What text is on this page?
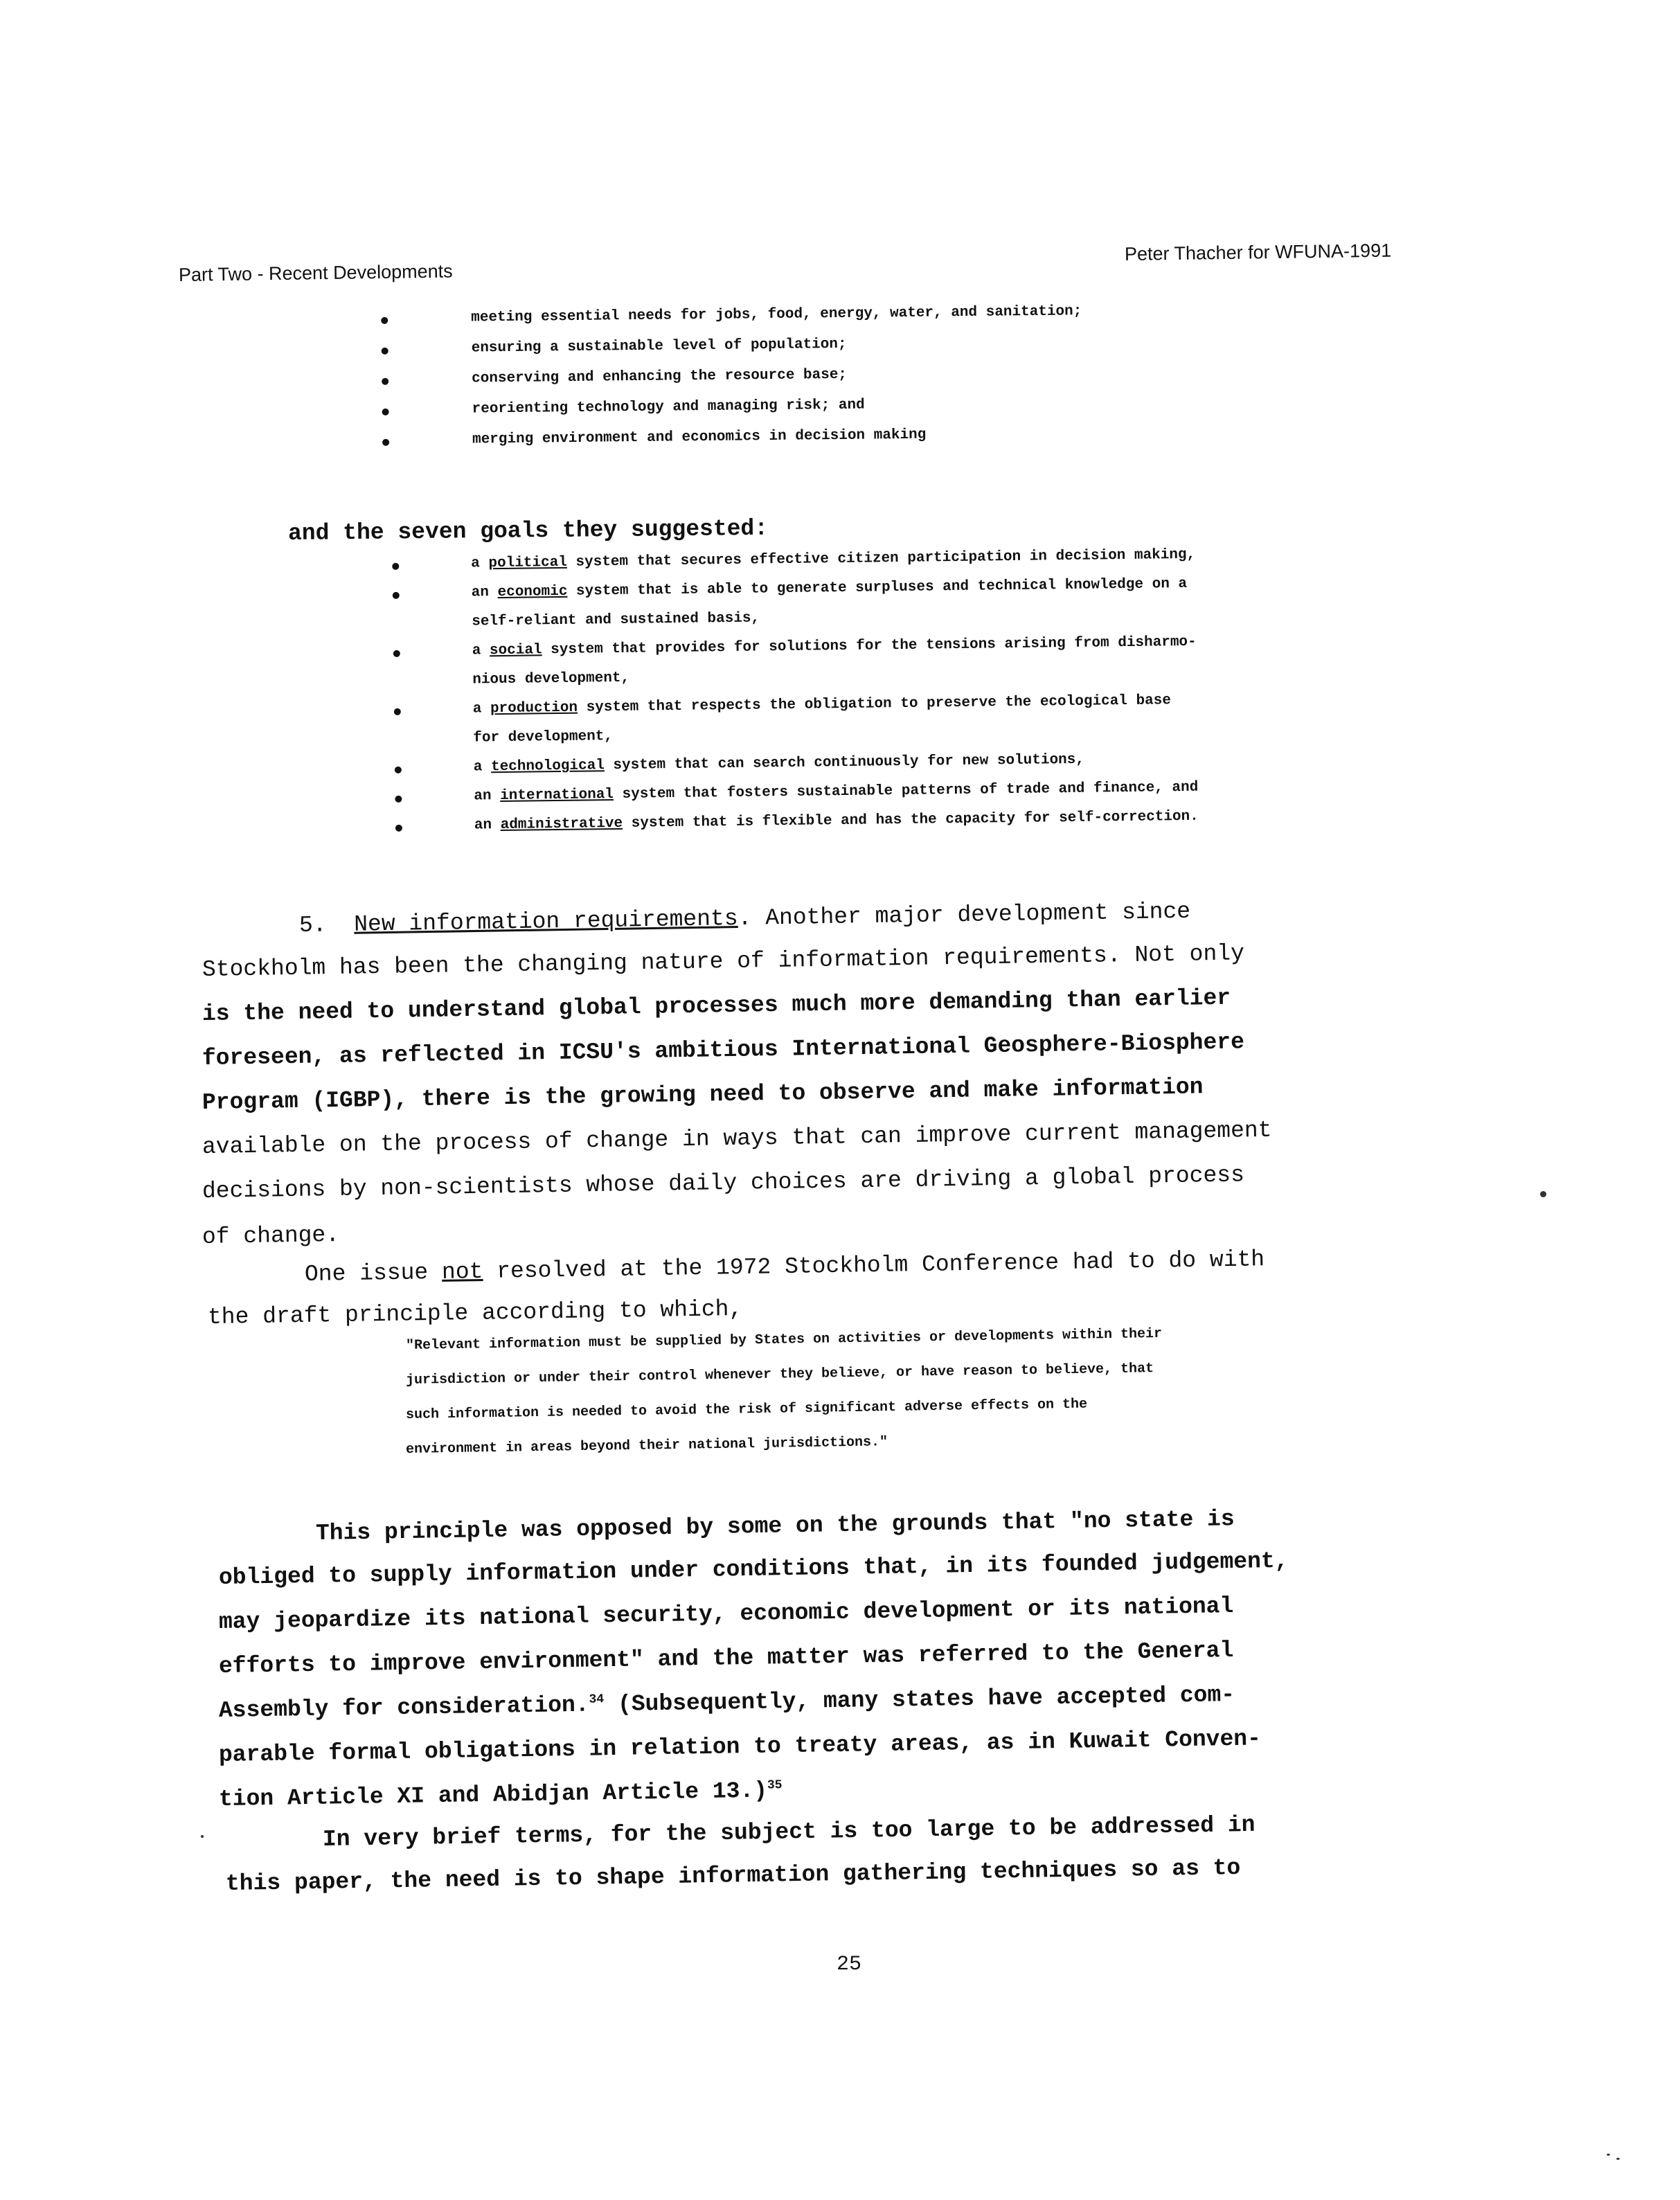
Part Two - Recent Developments
Peter Thacher for WFUNA-1991
meeting essential needs for jobs, food, energy, water, and sanitation;
ensuring a sustainable level of population;
conserving and enhancing the resource base;
reorienting technology and managing risk; and
merging environment and economics in decision making
and the seven goals they suggested:
a political system that secures effective citizen participation in decision making,
an economic system that is able to generate surpluses and technical knowledge on a
self-reliant and sustained basis,
a social system that provides for solutions for the tensions arising from disharmo-
nious development,
a production system that respects the obligation to preserve the ecological base
for development,
a technological system that can search continuously for new solutions,
an international system that fosters sustainable patterns of trade and finance, and
an administrative system that is flexible and has the capacity for self-correction.
5. New information requirements. Another major development since
Stockholm has been the changing nature of information requirements. Not only
is the need to understand global processes much more demanding than earlier
foreseen, as reflected in ICSU's ambitious International Geosphere-Biosphere
Program (IGBP), there is the growing need to observe and make information
available on the process of change in ways that can improve current management
decisions by non-scientists whose daily choices are driving a global process
of change.
One issue not resolved at the 1972 Stockholm Conference had to do with
the draft principle according to which,
"Relevant information must be supplied by States on activities or developments within their
jurisdiction or under their control whenever they believe, or have reason to believe, that
such information is needed to avoid the risk of significant adverse effects on the
environment in areas beyond their national jurisdictions."
This principle was opposed by some on the grounds that "no state is
obliged to supply information under conditions that, in its founded judgement,
may jeopardize its national security, economic development or its national
efforts to improve environment" and the matter was referred to the General
Assembly for consideration.$^{34}$ (Subsequently, many states have accepted com-
parable formal obligations in relation to treaty areas, as in Kuwait Conven-
tion Article XI and Abidjan Article 13.)$^{35}$
In very brief terms, for the subject is too large to be addressed in
this paper, the need is to shape information gathering techniques so as to
25
